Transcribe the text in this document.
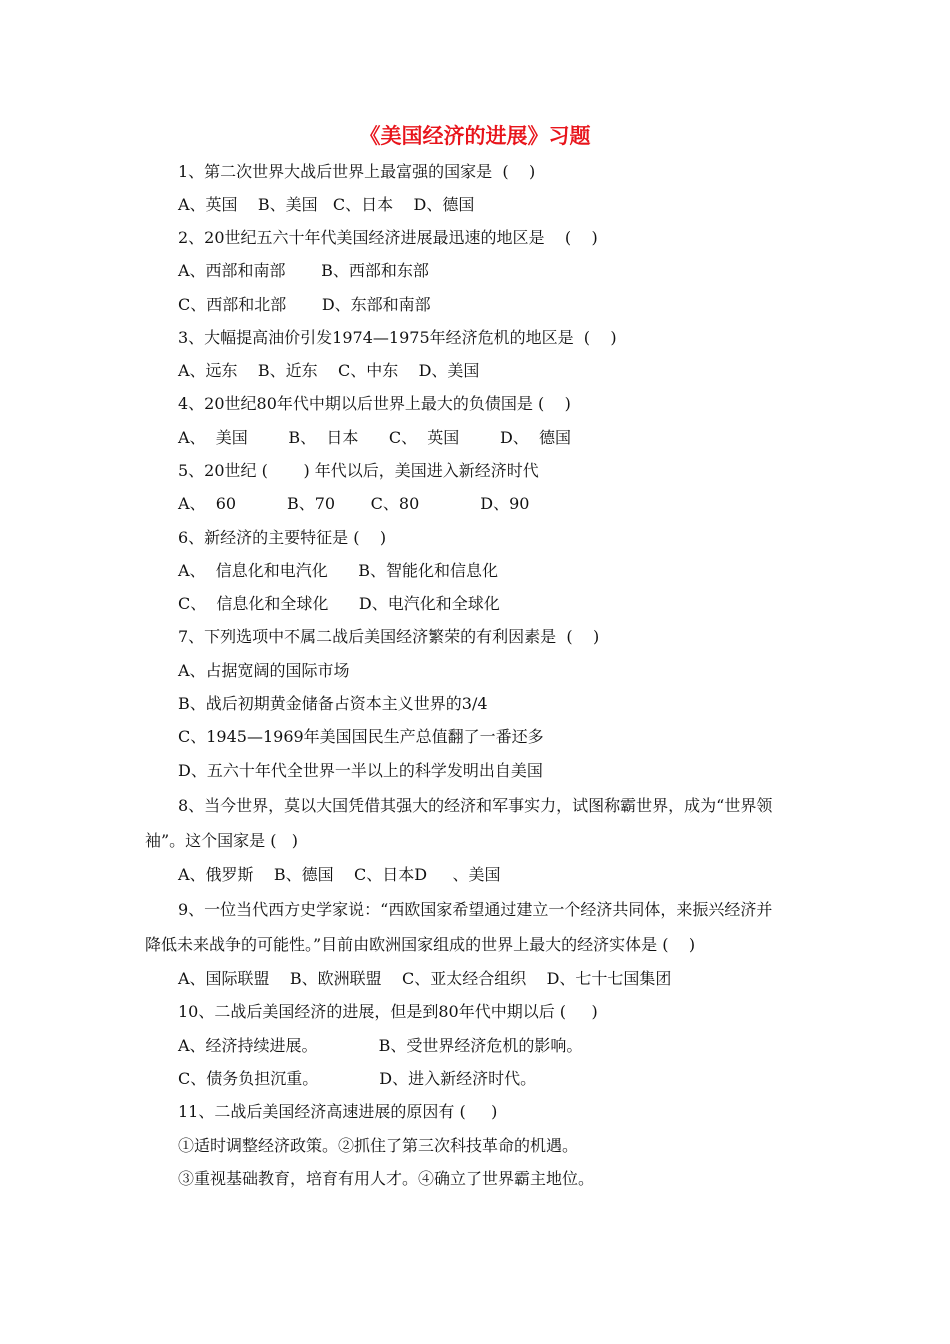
《美国经济的进展》习题
1、第二次世界大战后世界上最富强的国家是  (    )
A、英国    B、美国   C、日本    D、德国
2、20世纪五六十年代美国经济进展最迅速的地区是    (    )
A、西部和南部       B、西部和东部
C、西部和北部       D、东部和南部
3、大幅提高油价引发1974—1975年经济危机的地区是  (    )
A、远东    B、近东    C、中东    D、美国
4、20世纪80年代中期以后世界上最大的负债国是 (    )
A、  美国        B、  日本      C、  英国        D、  德国
5、20世纪 (       ) 年代以后，美国进入新经济时代
A、  60          B、70       C、80            D、90
6、新经济的主要特征是 (    )
A、  信息化和电汽化      B、智能化和信息化
C、  信息化和全球化      D、电汽化和全球化
7、下列选项中不属二战后美国经济繁荣的有利因素是  (    )
A、占据宽阔的国际市场
B、战后初期黄金储备占资本主义世界的3/4
C、1945—1969年美国国民生产总值翻了一番还多
D、五六十年代全世界一半以上的科学发明出自美国
8、当今世界，莫以大国凭借其强大的经济和军事实力，试图称霸世界，成为“世界领
袖”。这个国家是 (   )
A、俄罗斯    B、德国    C、日本D     、美国
9、一位当代西方史学家说：“西欧国家希望通过建立一个经济共同体，来振兴经济并
降低未来战争的可能性。”目前由欧洲国家组成的世界上最大的经济实体是 (    )
A、国际联盟    B、欧洲联盟    C、亚太经合组织    D、七十七国集团
10、二战后美国经济的进展，但是到80年代中期以后 (     )
A、经济持续进展。            B、受世界经济危机的影响。
C、债务负担沉重。            D、进入新经济时代。
11、二战后美国经济高速进展的原因有 (     )
①适时调整经济政策。②抓住了第三次科技革命的机遇。
③重视基础教育，培育有用人才。④确立了世界霸主地位。
